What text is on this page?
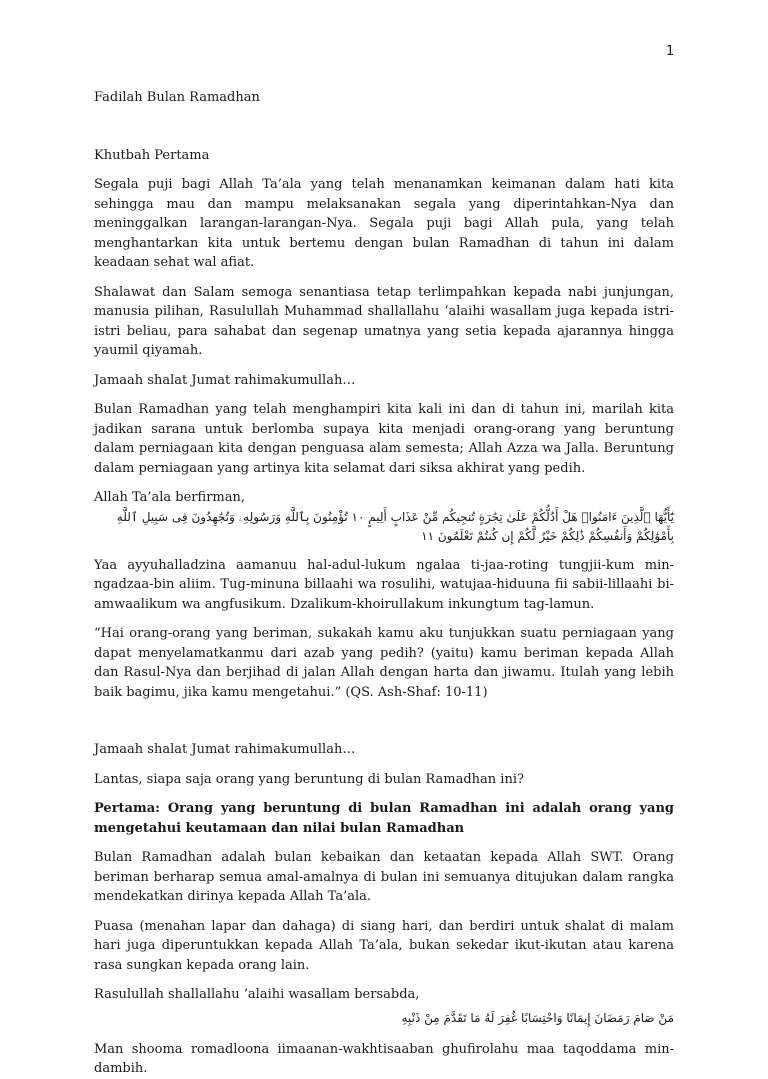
1

Fadilah Bulan Ramadhan

Khutbah Pertama

Segala puji bagi Allah Ta’ala yang telah menanamkan keimanan dalam hati kita sehingga mau dan mampu melaksanakan segala yang diperintahkan-Nya dan meninggalkan larangan-larangan-Nya. Segala puji bagi Allah pula, yang telah menghantarkan kita untuk bertemu dengan bulan Ramadhan di tahun ini dalam keadaan sehat wal afiat.

Shalawat dan Salam semoga senantiasa tetap terlimpahkan kepada nabi junjungan, manusia pilihan, Rasulullah Muhammad shallallahu ‘alaihi wasallam juga kepada istri-istri beliau, para sahabat dan segenap umatnya yang setia kepada ajarannya hingga yaumil qiyamah.

Jamaah shalat Jumat rahimakumullah…

Bulan Ramadhan yang telah menghampiri kita kali ini dan di tahun ini, marilah kita jadikan sarana untuk berlomba supaya kita menjadi orang-orang yang beruntung dalam perniagaan kita dengan penguasa alam semesta; Allah Azza wa Jalla. Beruntung dalam perniagaan yang artinya kita selamat dari siksa akhirat yang pedih.

Allah Ta’ala berfirman,

يَٰٓأَيُّهَا ٱلَّذِينَ ءَامَنُوا۟ هَلْ أَدُلُّكُمْ عَلَىٰ تِجَٰرَةٍ تُنجِيكُم مِّنْ عَذَابٍ أَلِيمٍ ١٠ تُؤْمِنُونَ بِٱللَّهِ وَرَسُولِهِۦ وَتُجَٰهِدُونَ فِى سَبِيلِ ٱللَّهِ بِأَمْوَٰلِكُمْ وَأَنفُسِكُمْ ذَٰلِكُمْ خَيْرٌ لَّكُمْ إِن كُنتُمْ تَعْلَمُونَ ١١

Yaa ayyuhalladzina aamanuu hal-adul-lukum ngalaa ti-jaa-roting tungjii-kum min-ngadzaa-bin aliim. Tug-minuna billaahi wa rosulihi, watujaa-hiduuna fii sabii-lillaahi bi-amwaalikum wa angfusikum. Dzalikum-khoirullakum inkungtum tag-lamun.

“Hai orang-orang yang beriman, sukakah kamu aku tunjukkan suatu perniagaan yang dapat menyelamatkanmu dari azab yang pedih? (yaitu) kamu beriman kepada Allah dan Rasul-Nya dan berjihad di jalan Allah dengan harta dan jiwamu. Itulah yang lebih baik bagimu, jika kamu mengetahui.” (QS. Ash-Shaf: 10-11)

Jamaah shalat Jumat rahimakumullah…

Lantas, siapa saja orang yang beruntung di bulan Ramadhan ini?

Pertama: Orang yang beruntung di bulan Ramadhan ini adalah orang yang mengetahui keutamaan dan nilai bulan Ramadhan

Bulan Ramadhan adalah bulan kebaikan dan ketaatan kepada Allah SWT. Orang beriman berharap semua amal-amalnya di bulan ini semuanya ditujukan dalam rangka mendekatkan dirinya kepada Allah Ta’ala.

Puasa (menahan lapar dan dahaga) di siang hari, dan berdiri untuk shalat di malam hari juga diperuntukkan kepada Allah Ta’ala, bukan sekedar ikut-ikutan atau karena rasa sungkan kepada orang lain.

Rasulullah shallallahu ‘alaihi wasallam bersabda,

مَنْ صَامَ رَمَضَانَ إِيمَانًا وَاحْتِسَابًا غُفِرَ لَهُ مَا تَقَدَّمَ مِنْ ذَنْبِهِ

Man shooma romadloona iimaanan-wakhtisaaban ghufirolahu maa taqoddama min-dambih.
